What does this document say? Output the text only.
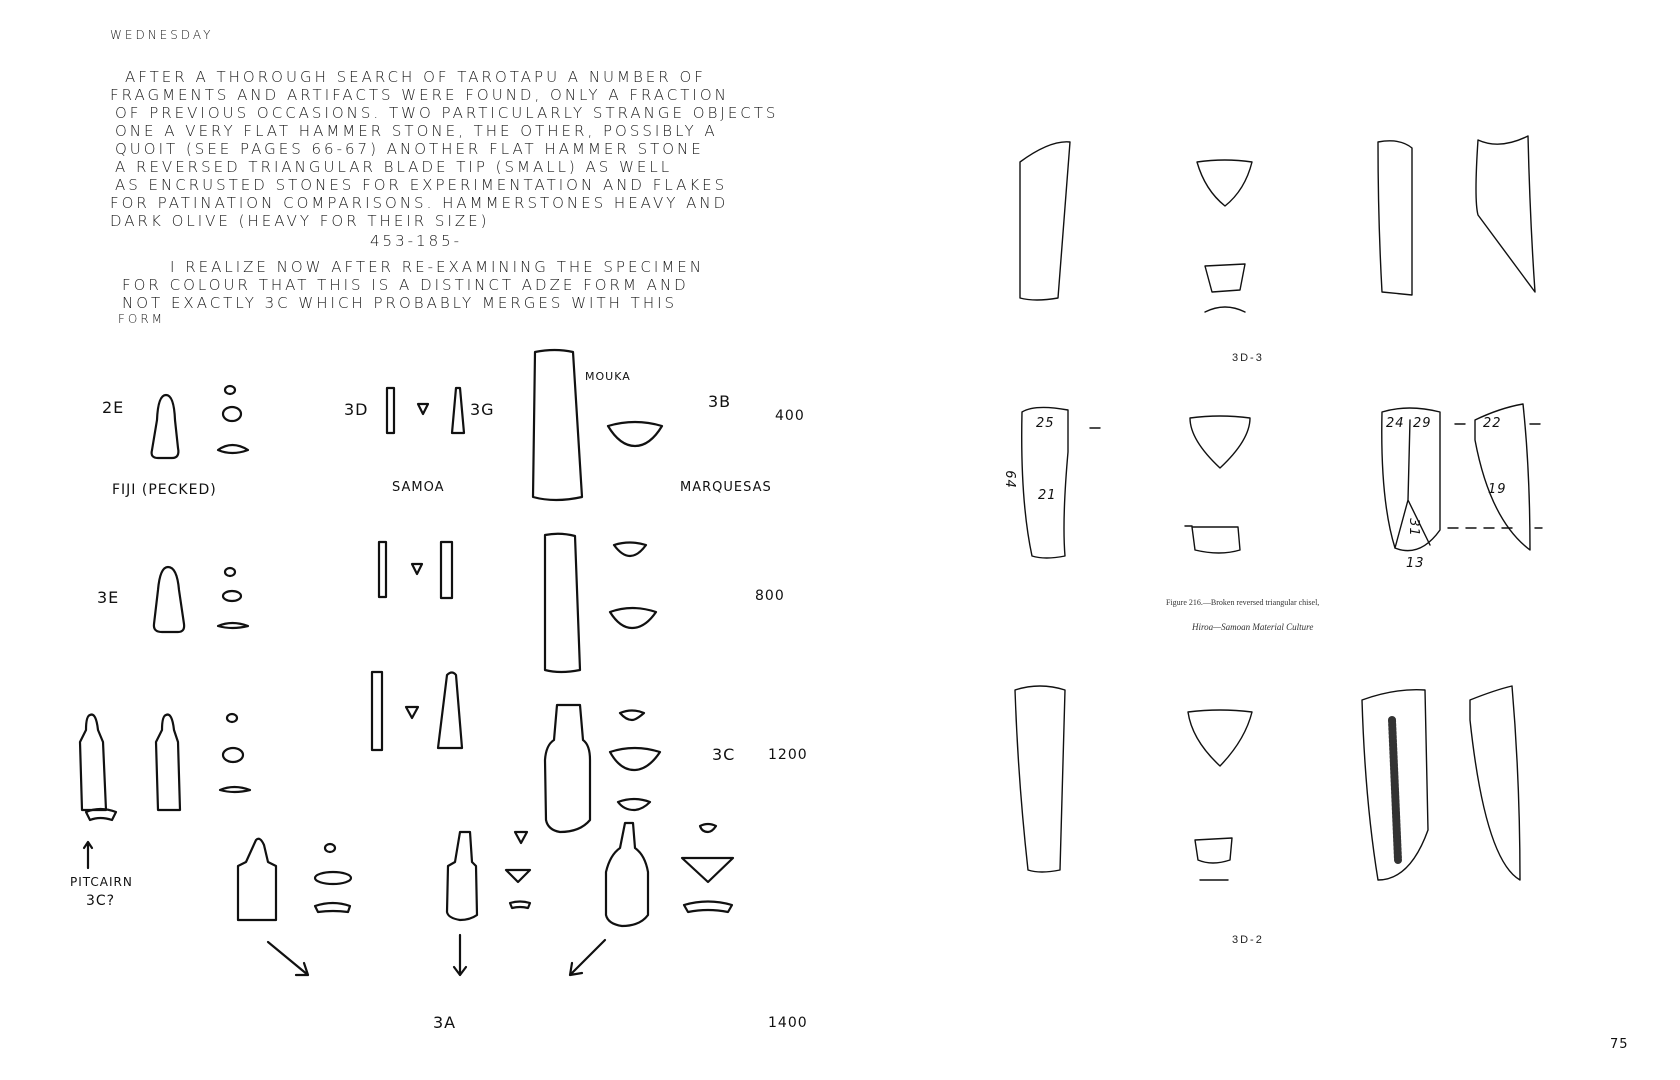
WEDNESDAY
AFTER A THOROUGH SEARCH OF TAROTAPU A NUMBER OF
FRAGMENTS AND ARTIFACTS WERE FOUND, ONLY A FRACTION
OF PREVIOUS OCCASIONS. TWO PARTICULARLY STRANGE OBJECTS
ONE A VERY FLAT HAMMER STONE, THE OTHER, POSSIBLY A
QUOIT (SEE PAGES 66-67) ANOTHER FLAT HAMMER STONE
A REVERSED TRIANGULAR BLADE TIP (SMALL) AS WELL
AS ENCRUSTED STONES FOR EXPERIMENTATION AND FLAKES
FOR PATINATION COMPARISONS. HAMMERSTONES HEAVY AND
DARK OLIVE (HEAVY FOR THEIR SIZE)
453-185-
I REALIZE NOW AFTER RE-EXAMINING THE SPECIMEN
FOR COLOUR THAT THIS IS A DISTINCT ADZE FORM AND
NOT EXACTLY 3C WHICH PROBABLY MERGES WITH THIS
FORM
2E	3D	3G
MOUKA
3B
400
FIJI (PECKED)	SAMOA	MARQUESAS
3E	800
3C 1200
PITCAIRN
3C?
3A	1400
3D-3
25
64
21
24 29	22
19
31
13
Figure 216.—Broken reversed triangular chisel,
Hiroa—Samoan Material Culture
3D-2
75
